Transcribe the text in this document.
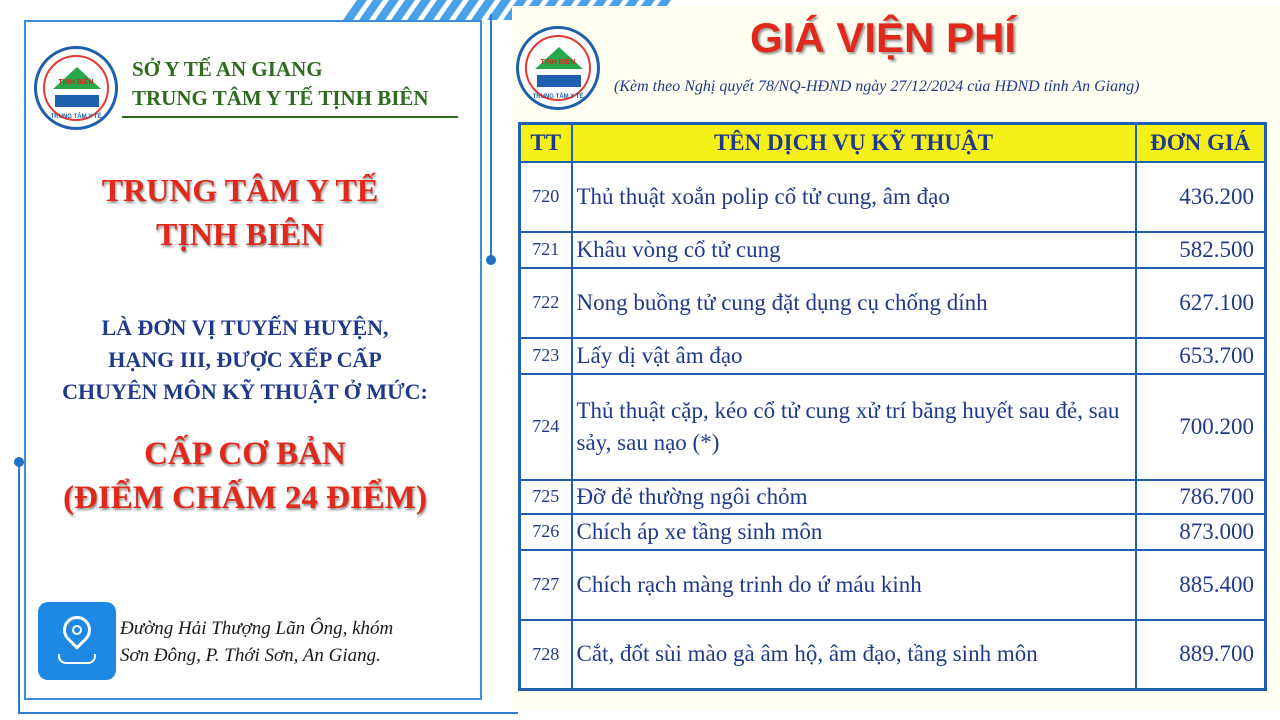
TỊNH BIÊN
TRUNG TÂM Y TẾ
SỞ Y TẾ AN GIANG
TRUNG TÂM Y TẾ TỊNH BIÊN
TRUNG TÂM Y TẾ
TỊNH BIÊN
LÀ ĐƠN VỊ TUYẾN HUYỆN,
HẠNG III, ĐƯỢC XẾP CẤP
CHUYÊN MÔN KỸ THUẬT Ở MỨC:
CẤP CƠ BẢN
(ĐIỂM CHẤM 24 ĐIỂM)
Đường Hải Thượng Lãn Ông, khóm
Sơn Đông, P. Thới Sơn, An Giang.
TỊNH BIÊN
TRUNG TÂM Y TẾ
GIÁ VIỆN PHÍ
(Kèm theo Nghị quyết 78/NQ-HĐND ngày 27/12/2024 của HĐND tỉnh An Giang)
TT	TÊN DỊCH VỤ KỸ THUẬT	ĐƠN GIÁ
720	Thủ thuật xoắn polip cổ tử cung, âm đạo	436.200
721	Khâu vòng cổ tử cung	582.500
722	Nong buồng tử cung đặt dụng cụ chống dính	627.100
723	Lấy dị vật âm đạo	653.700
724	Thủ thuật cặp, kéo cổ tử cung xử trí băng huyết sau đẻ, sau sảy, sau nạo (*)	700.200
725	Đỡ đẻ thường ngôi chỏm	786.700
726	Chích áp xe tầng sinh môn	873.000
727	Chích rạch màng trinh do ứ máu kinh	885.400
728	Cắt, đốt sùi mào gà âm hộ, âm đạo, tầng sinh môn	889.700
